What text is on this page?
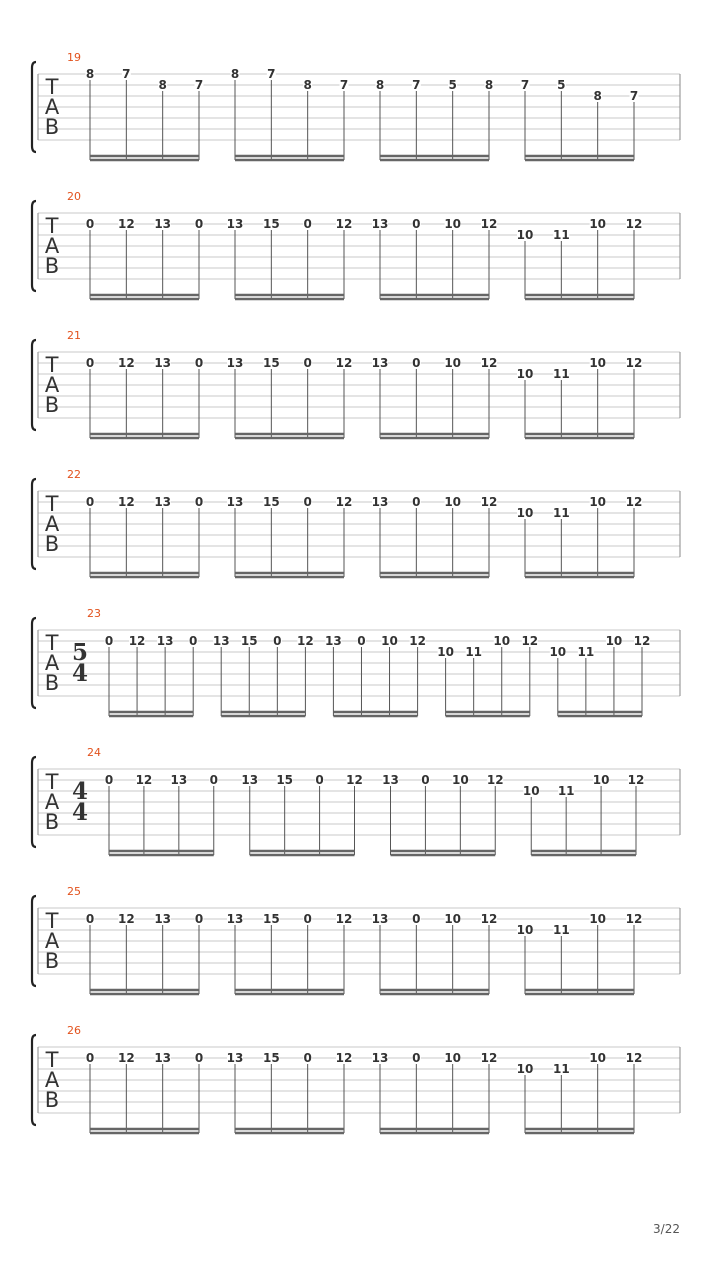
T
A
B
19
8 7
8 7
8 7
8 7 8 7 5 8 7 5
8 7
T
A
B
20
0 12 13 0 13 15 0 12 13 0 10 12
10 11
10 12
T
A
B
21
0 12 13 0 13 15 0 12 13 0 10 12
10 11
10 12
T
A
B
22
0 12 13 0 13 15 0 12 13 0 10 12
10 11
10 12
T
A
B
23
5
4
0 12 13 0 13 15 0 12 13 0 10 12
10 11
10 12
10 11
10 12
T
A
B
24
4
4
0 12 13 0 13 15 0 12 13 0 10 12
10 11
10 12
T
A
B
25
0 12 13 0 13 15 0 12 13 0 10 12
10 11
10 12
T
A
B
26
0 12 13 0 13 15 0 12 13 0 10 12
10 11
10 12
3/22
